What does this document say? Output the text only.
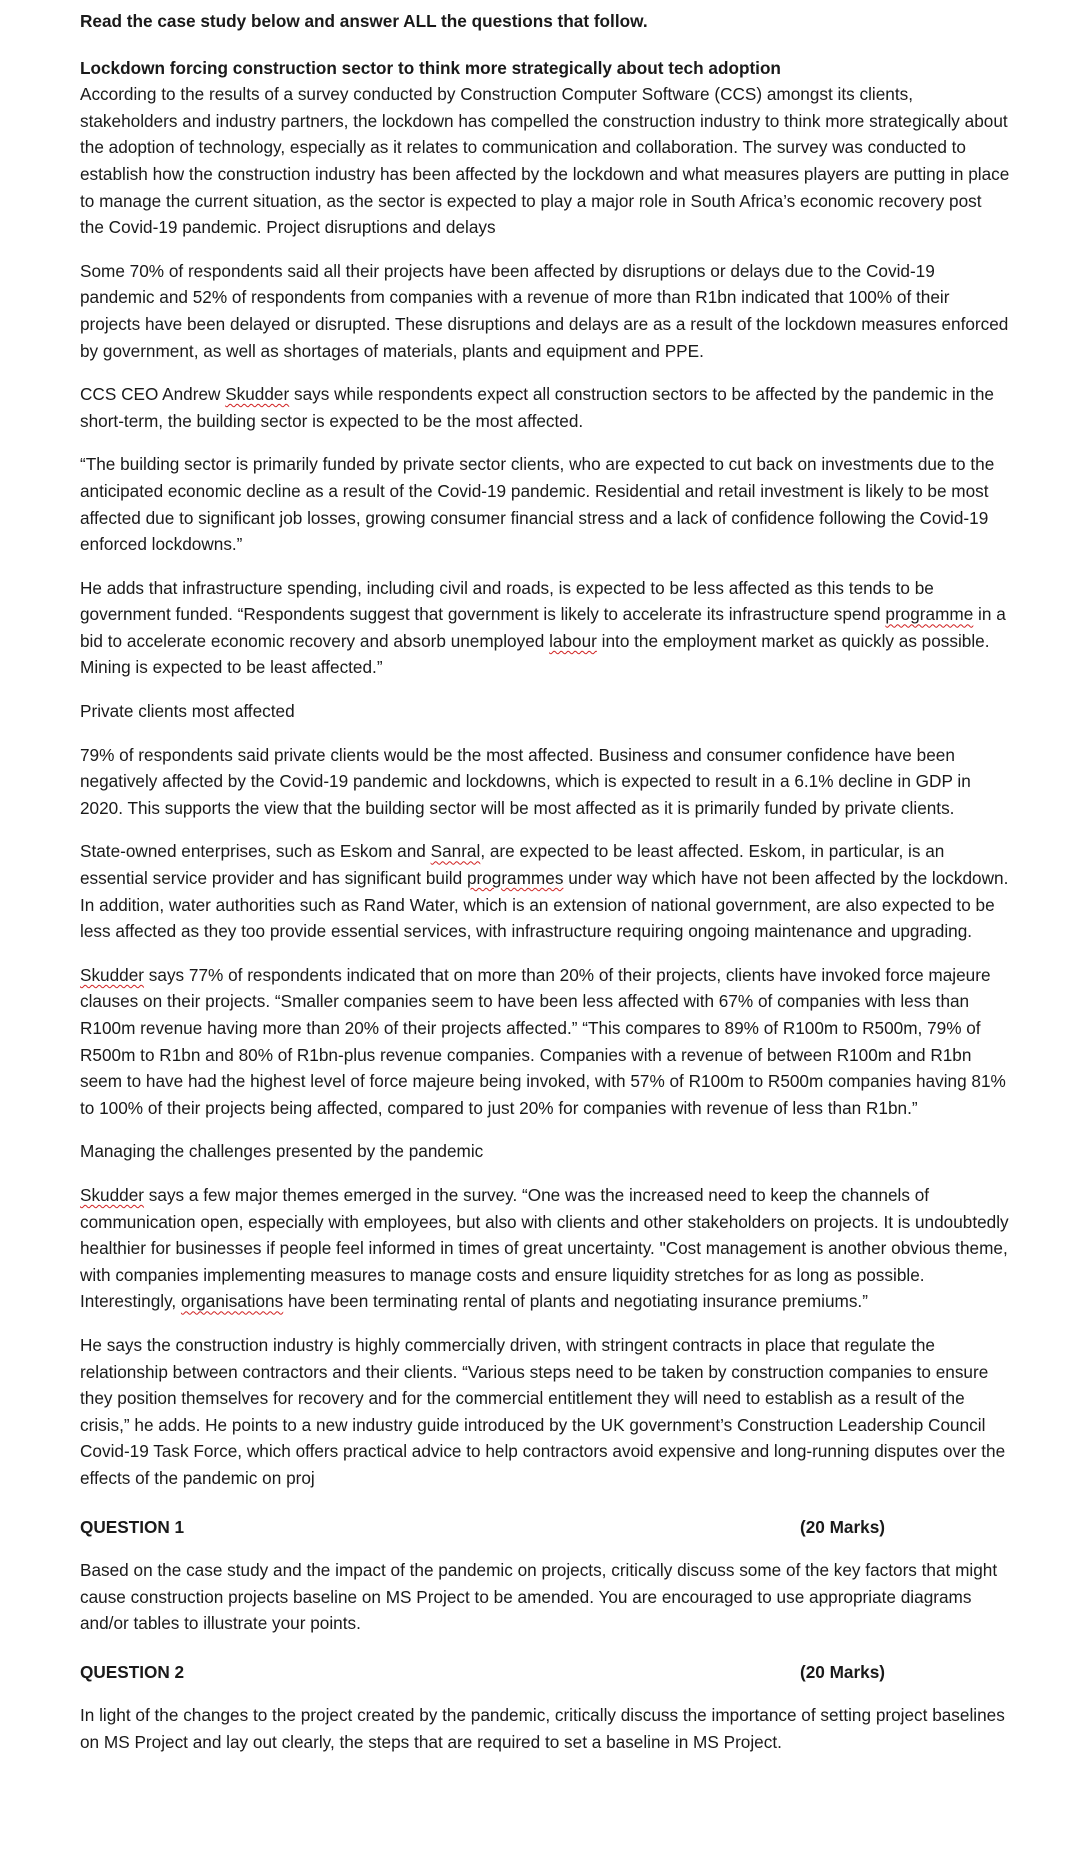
Read the case study below and answer ALL the questions that follow.
Lockdown forcing construction sector to think more strategically about tech adoption

According to the results of a survey conducted by Construction Computer Software (CCS) amongst its clients, stakeholders and industry partners, the lockdown has compelled the construction industry to think more strategically about the adoption of technology, especially as it relates to communication and collaboration. The survey was conducted to establish how the construction industry has been affected by the lockdown and what measures players are putting in place to manage the current situation, as the sector is expected to play a major role in South Africa’s economic recovery post the Covid-19 pandemic. Project disruptions and delays

Some 70% of respondents said all their projects have been affected by disruptions or delays due to the Covid-19 pandemic and 52% of respondents from companies with a revenue of more than R1bn indicated that 100% of their projects have been delayed or disrupted. These disruptions and delays are as a result of the lockdown measures enforced by government, as well as shortages of materials, plants and equipment and PPE.

CCS CEO Andrew Skudder says while respondents expect all construction sectors to be affected by the pandemic in the short-term, the building sector is expected to be the most affected.

“The building sector is primarily funded by private sector clients, who are expected to cut back on investments due to the anticipated economic decline as a result of the Covid-19 pandemic. Residential and retail investment is likely to be most affected due to significant job losses, growing consumer financial stress and a lack of confidence following the Covid-19 enforced lockdowns.”

He adds that infrastructure spending, including civil and roads, is expected to be less affected as this tends to be government funded. “Respondents suggest that government is likely to accelerate its infrastructure spend programme in a bid to accelerate economic recovery and absorb unemployed labour into the employment market as quickly as possible. Mining is expected to be least affected.”

Private clients most affected

79% of respondents said private clients would be the most affected. Business and consumer confidence have been negatively affected by the Covid-19 pandemic and lockdowns, which is expected to result in a 6.1% decline in GDP in 2020. This supports the view that the building sector will be most affected as it is primarily funded by private clients.

State-owned enterprises, such as Eskom and Sanral, are expected to be least affected. Eskom, in particular, is an essential service provider and has significant build programmes under way which have not been affected by the lockdown. In addition, water authorities such as Rand Water, which is an extension of national government, are also expected to be less affected as they too provide essential services, with infrastructure requiring ongoing maintenance and upgrading.

Skudder says 77% of respondents indicated that on more than 20% of their projects, clients have invoked force majeure clauses on their projects. “Smaller companies seem to have been less affected with 67% of companies with less than R100m revenue having more than 20% of their projects affected.” “This compares to 89% of R100m to R500m, 79% of R500m to R1bn and 80% of R1bn-plus revenue companies. Companies with a revenue of between R100m and R1bn seem to have had the highest level of force majeure being invoked, with 57% of R100m to R500m companies having 81% to 100% of their projects being affected, compared to just 20% for companies with revenue of less than R1bn.”

Managing the challenges presented by the pandemic

Skudder says a few major themes emerged in the survey. “One was the increased need to keep the channels of communication open, especially with employees, but also with clients and other stakeholders on projects. It is undoubtedly healthier for businesses if people feel informed in times of great uncertainty. "Cost management is another obvious theme, with companies implementing measures to manage costs and ensure liquidity stretches for as long as possible. Interestingly, organisations have been terminating rental of plants and negotiating insurance premiums.”

He says the construction industry is highly commercially driven, with stringent contracts in place that regulate the relationship between contractors and their clients. “Various steps need to be taken by construction companies to ensure they position themselves for recovery and for the commercial entitlement they will need to establish as a result of the crisis,” he adds. He points to a new industry guide introduced by the UK government’s Construction Leadership Council Covid-19 Task Force, which offers practical advice to help contractors avoid expensive and long-running disputes over the effects of the pandemic on proj

QUESTION 1	(20 Marks)

Based on the case study and the impact of the pandemic on projects, critically discuss some of the key factors that might cause construction projects baseline on MS Project to be amended. You are encouraged to use appropriate diagrams and/or tables to illustrate your points.

QUESTION 2	(20 Marks)

In light of the changes to the project created by the pandemic, critically discuss the importance of setting project baselines on MS Project and lay out clearly, the steps that are required to set a baseline in MS Project.
